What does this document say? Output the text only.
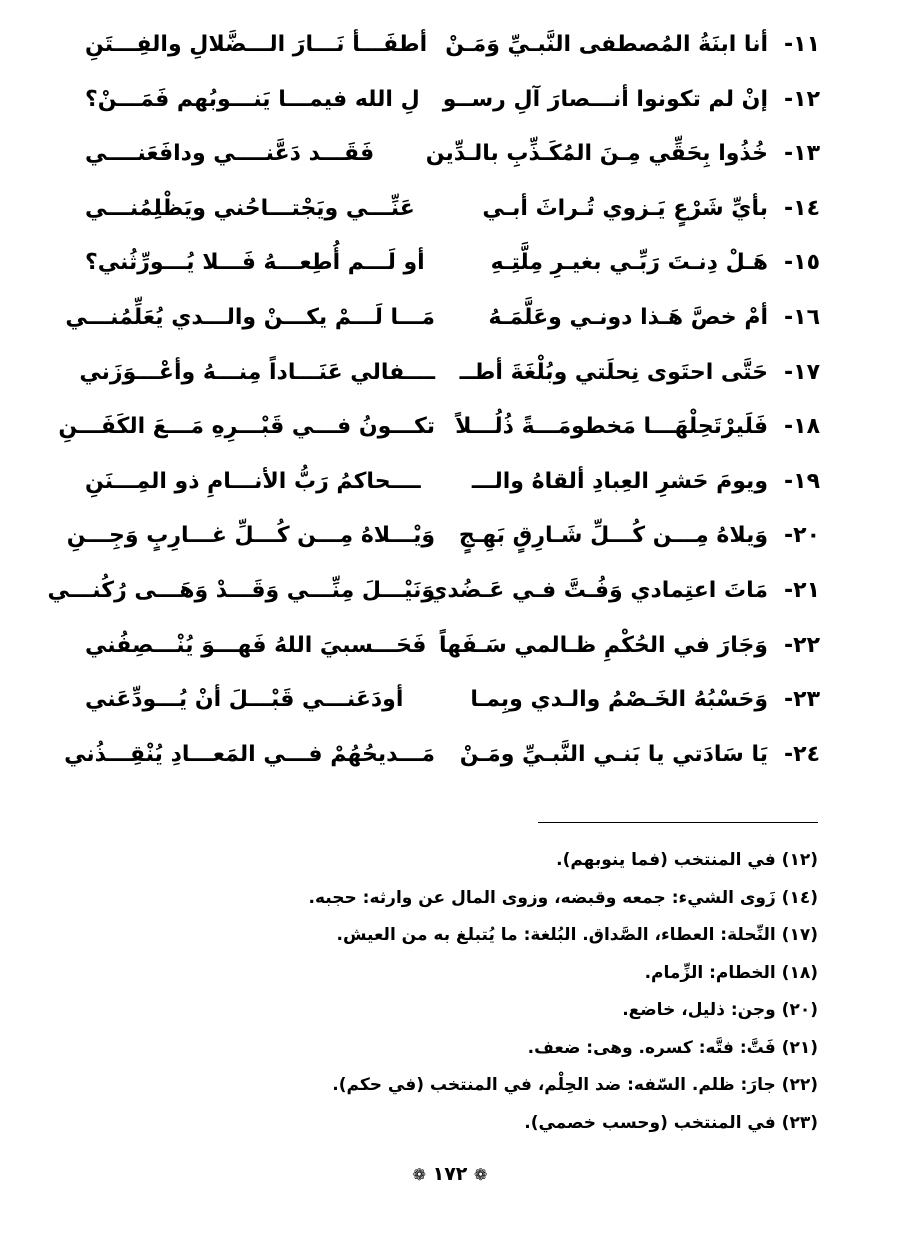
١١-
أنا ابنَةُ المُصطفى النَّبـيِّ وَمَـنْ
أطفَـــأ نَـــارَ الـــضَّلالِ والفِـــتَنِ
١٢-
إنْ لم تكونوا أنـــصارَ آلِ رســو
لِ الله فيمـــا يَنـــوبُهم فَمَـــنْ؟
١٣-
خُذُوا بِحَقِّي مِـنَ المُكَـذِّبِ بالـدِّين
فَقَـــد دَعَّنــــي ودافَعَنــــي
١٤-
بأيِّ شَرْعٍ يَـزوي تُـراثَ أبـي
عَنِّـــي ويَجْتـــاحُني ويَظْلِمُنـــي
١٥-
هَـلْ دِنـتَ رَبِّـي بغيـرِ مِلَّتِـهِ
أو لَـــم أُطِعـــهُ فَـــلا يُـــورِّثُني؟
١٦-
أمْ خصَّ هَـذا دونـي وعَلَّمَـهُ
مَـــا لَـــمْ يكـــنْ والـــدي يُعَلِّمُنـــي
١٧-
حَتَّى احتَوى نِحلَتي وبُلْغَةَ أطــ
ــــفالي عَنَـــاداً مِنـــهُ وأعْـــوَزَني
١٨-
فَلَيرْتَحِلْهَـــا مَخطومَـــةً ذُلُـــلاً
تكـــونُ فـــي قَبْـــرِهِ مَـــعَ الكَفَـــنِ
١٩-
ويومَ حَشرِ العِبادِ ألقاهُ والـــ
ــــحاكمُ رَبُّ الأنـــامِ ذو المِـــنَنِ
٢٠-
وَيلاهُ مِـــن كُـــلِّ شَـارِقٍ بَهِـجٍ
وَيْـــلاهُ مِـــن كُـــلِّ غـــارِبٍ وَجِـــنِ
٢١-
مَاتَ اعتِمادي وَفُـتَّ فـي عَـضُدي
وَنَيْـــلَ مِنِّـــي وَقَـــدْ وَهَـــى رُكُنـــي
٢٢-
وَجَارَ في الحُكْمِ ظـالمي سَـفَهاً
فَحَـــسبيَ اللهُ فَهـــوَ يُنْـــصِفُني
٢٣-
وَحَسْبُهُ الخَـصْمُ والـدي وبِمـا
أودَعَنـــي قَبْـــلَ أنْ يُـــودِّعَني
٢٤-
يَا سَادَتي يا بَنـي النَّبـيِّ ومَـنْ
مَـــديحُهُمْ فـــي المَعـــادِ يُنْقِـــذُني
(١٢) في المنتخب (فما ينوبهم).
(١٤) زَوى الشيء: جمعه وقبضه، وزوى المال عن وارثه: حجبه.
(١٧) النِّحلة: العطاء، الصَّداق. البُلغة: ما يُتبلغ به من العيش.
(١٨) الخطام: الزِّمام.
(٢٠) وجن: ذليل، خاضع.
(٢١) فَتَّ: فتَّه: كسره. وهى: ضعف.
(٢٢) جارَ: ظلم. السّفه: ضد الحِلْم، في المنتخب (في حكم).
(٢٣) في المنتخب (وحسب خصمي).
❁ ١٧٢ ❁
